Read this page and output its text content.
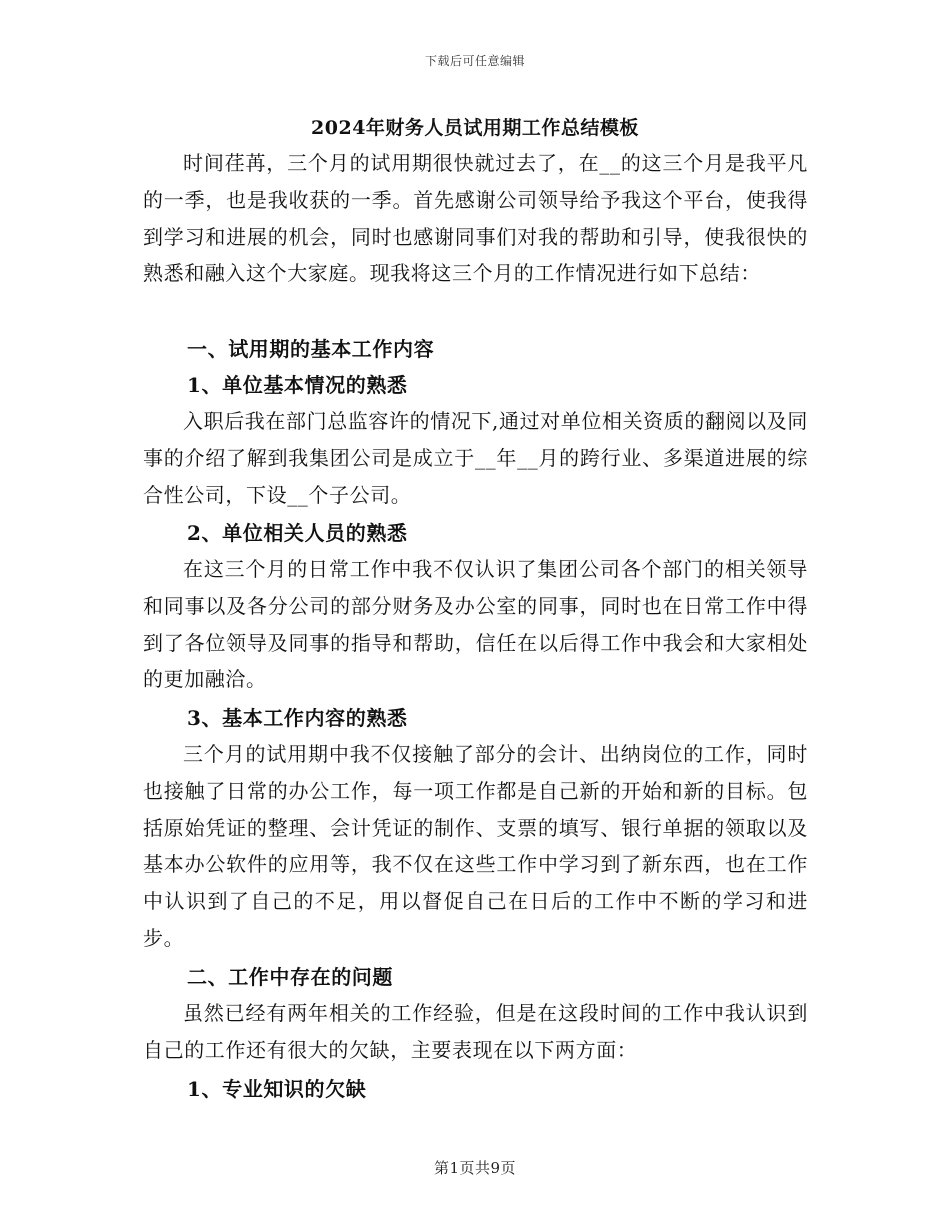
下载后可任意编辑
2024年财务人员试用期工作总结模板

时间荏苒，三个月的试用期很快就过去了，在__的这三个月是我平凡的一季，也是我收获的一季。首先感谢公司领导给予我这个平台，使我得到学习和进展的机会，同时也感谢同事们对我的帮助和引导，使我很快的熟悉和融入这个大家庭。现我将这三个月的工作情况进行如下总结：

一、试用期的基本工作内容

1、单位基本情况的熟悉

入职后我在部门总监容许的情况下,通过对单位相关资质的翻阅以及同事的介绍了解到我集团公司是成立于__年__月的跨行业、多渠道进展的综合性公司，下设__个子公司。

2、单位相关人员的熟悉

在这三个月的日常工作中我不仅认识了集团公司各个部门的相关领导和同事以及各分公司的部分财务及办公室的同事，同时也在日常工作中得到了各位领导及同事的指导和帮助，信任在以后得工作中我会和大家相处的更加融洽。

3、基本工作内容的熟悉

三个月的试用期中我不仅接触了部分的会计、出纳岗位的工作，同时也接触了日常的办公工作，每一项工作都是自己新的开始和新的目标。包括原始凭证的整理、会计凭证的制作、支票的填写、银行单据的领取以及基本办公软件的应用等，我不仅在这些工作中学习到了新东西，也在工作中认识到了自己的不足，用以督促自己在日后的工作中不断的学习和进步。

二、工作中存在的问题

虽然已经有两年相关的工作经验，但是在这段时间的工作中我认识到自己的工作还有很大的欠缺，主要表现在以下两方面：

1、专业知识的欠缺

第1页共9页
